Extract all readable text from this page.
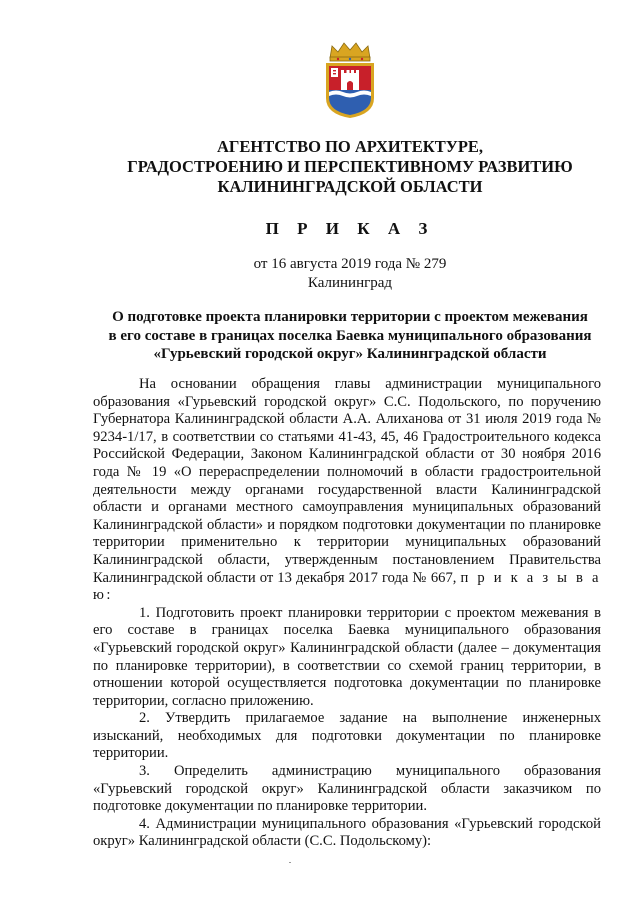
АГЕНТСТВО ПО АРХИТЕКТУРЕ,
ГРАДОСТРОЕНИЮ И ПЕРСПЕКТИВНОМУ РАЗВИТИЮ
КАЛИНИНГРАДСКОЙ ОБЛАСТИ
П Р И К А З
от 16 августа 2019 года № 279
Калининград
О подготовке проекта планировки территории с проектом межевания
в его составе в границах поселка Баевка муниципального образования
«Гурьевский городской округ» Калининградской области

На основании обращения главы администрации муниципального образования «Гурьевский городской округ» С.С. Подольского, по поручению Губернатора Калининградской области А.А. Алиханова от 31 июля 2019 года № 9234-1/17, в соответствии со статьями 41-43, 45, 46 Градостроительного кодекса Российской Федерации, Законом Калининградской области от 30 ноября 2016 года № 19 «О перераспределении полномочий в области градостроительной деятельности между органами государственной власти Калининградской области и органами местного самоуправления муниципальных образований Калининградской области» и порядком подготовки документации по планировке территории применительно к территории муниципальных образований Калининградской области, утвержденным постановлением Правительства Калининградской области от 13 декабря 2017 года № 667, п р и к а з ы в а ю:

1. Подготовить проект планировки территории с проектом межевания в его составе в границах поселка Баевка муниципального образования «Гурьевский городской округ» Калининградской области (далее – документация по планировке территории), в соответствии со схемой границ территории, в отношении которой осуществляется подготовка документации по планировке территории, согласно приложению.

2. Утвердить прилагаемое задание на выполнение инженерных изысканий, необходимых для подготовки документации по планировке территории.

3. Определить администрацию муниципального образования «Гурьевский городской округ» Калининградской области заказчиком по подготовке документации по планировке территории.

4. Администрации муниципального образования «Гурьевский городской округ» Калининградской области (С.С. Подольскому):
